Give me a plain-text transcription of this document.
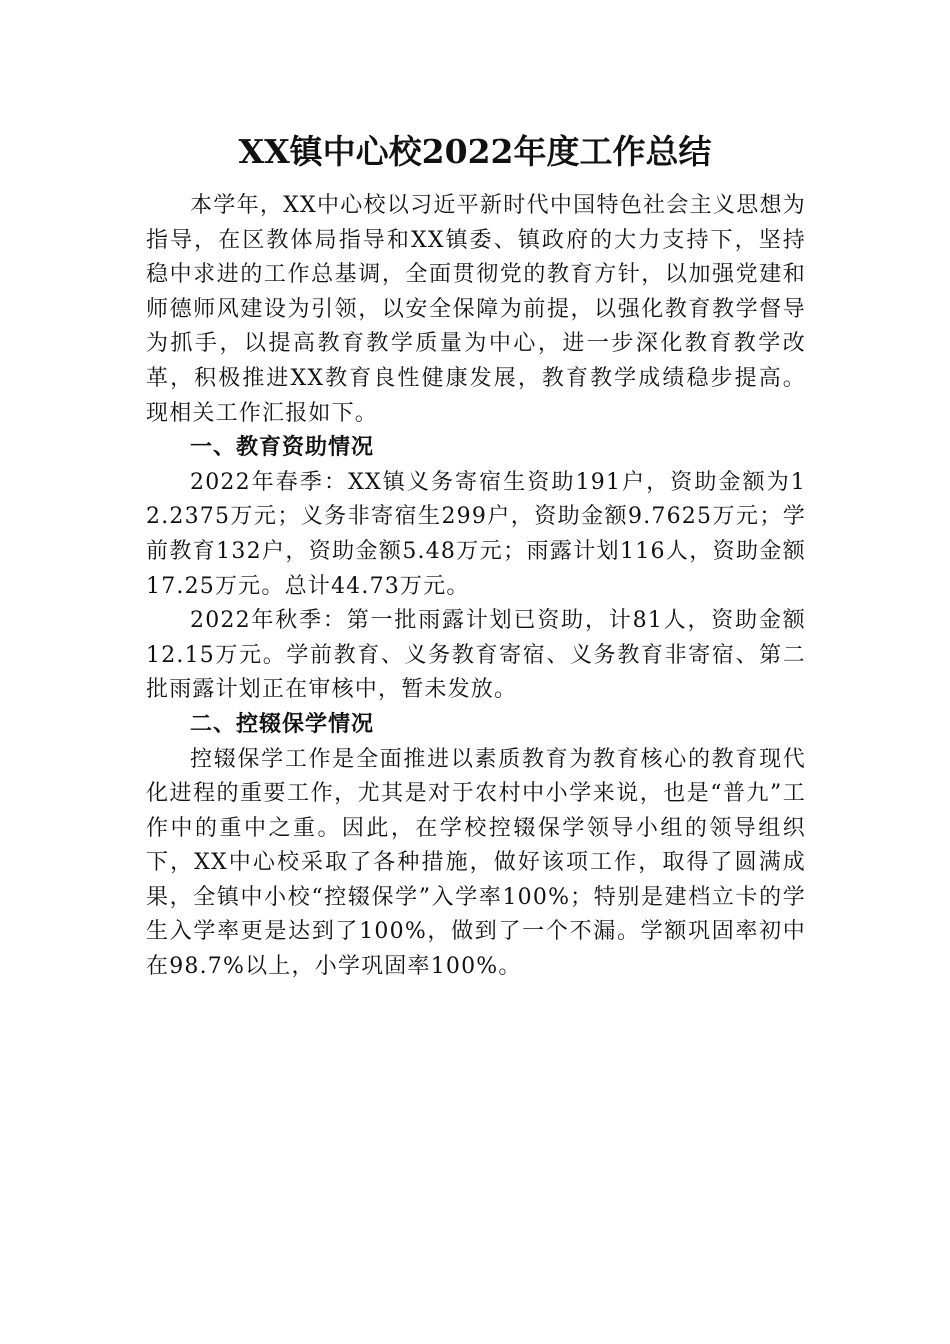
XX镇中心校2022年度工作总结

本学年，XX中心校以习近平新时代中国特色社会主义思想为指导，在区教体局指导和XX镇委、镇政府的大力支持下，坚持稳中求进的工作总基调，全面贯彻党的教育方针，以加强党建和师德师风建设为引领，以安全保障为前提，以强化教育教学督导为抓手，以提高教育教学质量为中心，进一步深化教育教学改革，积极推进XX教育良性健康发展，教育教学成绩稳步提高。现相关工作汇报如下。

一、教育资助情况

2022年春季：XX镇义务寄宿生资助191户，资助金额为12.2375万元；义务非寄宿生299户，资助金额9.7625万元；学前教育132户，资助金额5.48万元；雨露计划116人，资助金额17.25万元。总计44.73万元。

2022年秋季：第一批雨露计划已资助，计81人，资助金额12.15万元。学前教育、义务教育寄宿、义务教育非寄宿、第二批雨露计划正在审核中，暂未发放。

二、控辍保学情况

控辍保学工作是全面推进以素质教育为教育核心的教育现代化进程的重要工作，尤其是对于农村中小学来说，也是“普九”工作中的重中之重。因此，在学校控辍保学领导小组的领导组织下，XX中心校采取了各种措施，做好该项工作，取得了圆满成果，全镇中小校“控辍保学”入学率100%；特别是建档立卡的学生入学率更是达到了100%，做到了一个不漏。学额巩固率初中在98.7%以上，小学巩固率100%。
